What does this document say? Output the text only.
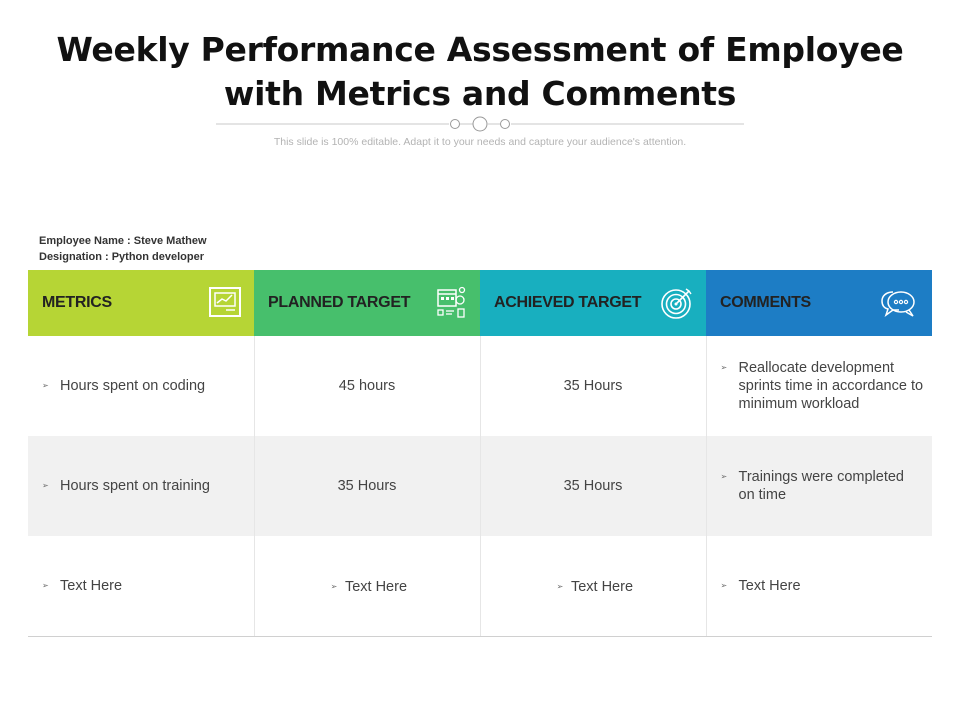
Weekly Performance Assessment of Employee
with Metrics and Comments
This slide is 100% editable. Adapt it to your needs and capture your audience's attention.
Employee Name : Steve Mathew
Designation : Python developer
METRICS	PLANNED TARGET	ACHIEVED TARGET	COMMENTS

➢ Hours spent on coding	45 hours	35 Hours	➢ Reallocate development sprints time in accordance to minimum workload

➢ Hours spent on training	35 Hours	35 Hours	➢ Trainings were completed on time

➢ Text Here	➢ Text Here	➢ Text Here	➢ Text Here
